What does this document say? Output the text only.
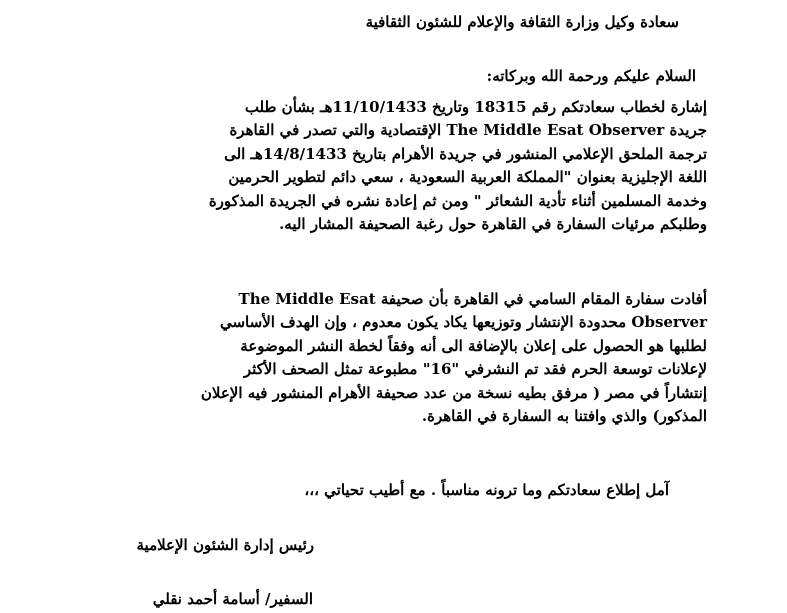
سعادة وكيل وزارة الثقافة والإعلام للشئون الثقافية
السلام عليكم ورحمة الله وبركاته:
إشارة لخطاب سعادتكم رقم 18315 وتاريخ 11/10/1433هـ بشأن طلب
جريدة The Middle Esat Observer الإقتصادية والتي تصدر في القاهرة
ترجمة الملحق الإعلامي المنشور في جريدة الأهرام بتاريخ 14/8/1433هـ الى
اللغة الإجليزية بعنوان "المملكة العربية السعودية ، سعي دائم لتطوير الحرمين
وخدمة المسلمين أثناء تأدية الشعائر " ومن ثم إعادة نشره في الجريدة المذكورة
وطلبكم مرئيات السفارة في القاهرة حول رغبة الصحيفة المشار اليه.
أفادت سفارة المقام السامي في القاهرة بأن صحيفة The Middle Esat
Observer محدودة الإنتشار وتوزيعها يكاد يكون معدوم ، وإن الهدف الأساسي
لطلبها هو الحصول على إعلان بالإضافة الى أنه وفقاً لخطة النشر الموضوعة
لإعلانات توسعة الحرم فقد تم النشرفي "16" مطبوعة تمثل الصحف الأكثر
إنتشاراً في مصر ( مرفق بطيه نسخة من عدد صحيفة الأهرام المنشور فيه الإعلان
المذكور) والذي وافتنا به السفارة في القاهرة.
آمل إطلاع سعادتكم وما ترونه مناسباً . مع أطيب تحياتي ،،،
رئيس إدارة الشئون الإعلامية
السفير/ أسامة أحمد نقلي
